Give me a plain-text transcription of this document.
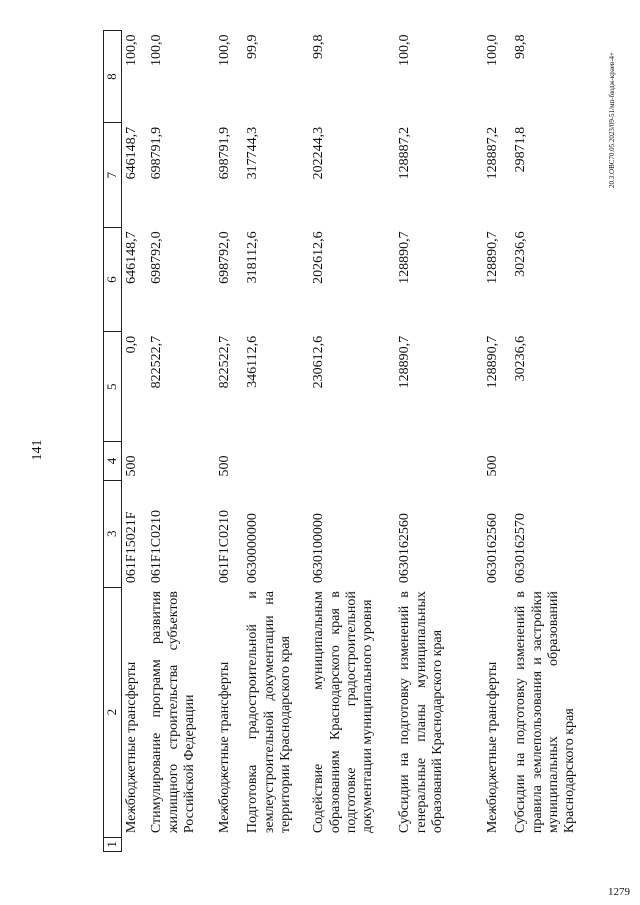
141
20.3.ОВС70.05.2023/09-51/мп-бюдж-краев-4+
1279
1	2	3	4	5	6	7	8
	Межбюджетные трансферты	061F15021F	500	0,0	646148,7	646148,7	100,0
	Стимулирование программ развития жилищного строительства субъектов Российской Федерации	061F1С0210		822522,7	698792,0	698791,9	100,0
	Межбюджетные трансферты	061F1С0210	500	822522,7	698792,0	698791,9	100,0
	Подготовка градостроительной и землеустроительной документации на территории Краснодарского края	0630000000		346112,6	318112,6	317744,3	99,9
	Содействие муниципальным образованиям Краснодарского края в подготовке градостроительной документации муниципального уровня	0630100000		230612,6	202612,6	202244,3	99,8
	Субсидии на подготовку изменений в генеральные планы муниципальных образований Краснодарского края	0630162560		128890,7	128890,7	128887,2	100,0
	Межбюджетные трансферты	0630162560	500	128890,7	128890,7	128887,2	100,0
	Субсидии на подготовку изменений в правила землепользования и застройки муниципальных образований Краснодарского края	0630162570		30236,6	30236,6	29871,8	98,8
